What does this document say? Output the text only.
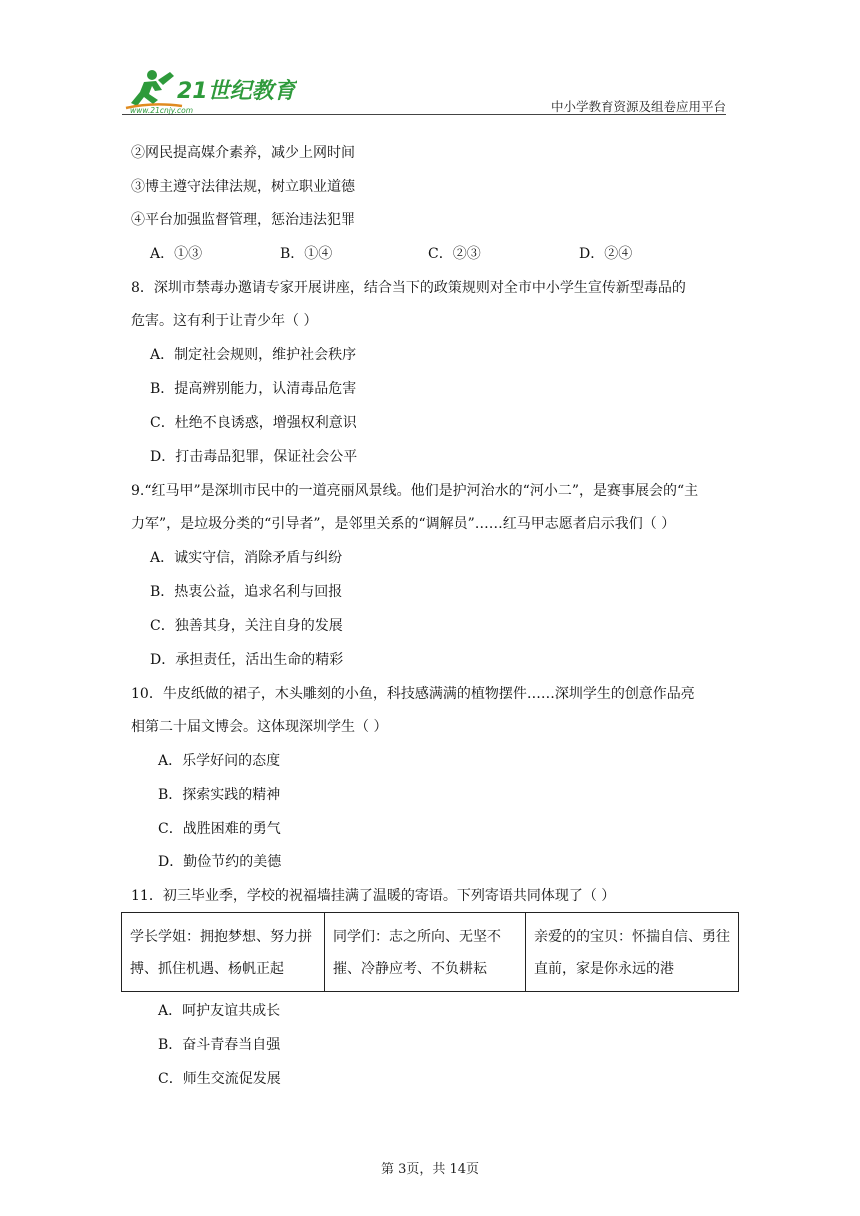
21世纪教育
www.21cnjy.com	中小学教育资源及组卷应用平台
②网民提高媒介素养，减少上网时间
③博主遵守法律法规，树立职业道德
④平台加强监督管理，惩治违法犯罪
A．①③	B．①④	C．②③	D．②④
8．深圳市禁毒办邀请专家开展讲座，结合当下的政策规则对全市中小学生宣传新型毒品的
危害。这有利于让青少年（ ）
A．制定社会规则，维护社会秩序
B．提高辨别能力，认清毒品危害
C．杜绝不良诱惑，增强权利意识
D．打击毒品犯罪，保证社会公平
9.“红马甲”是深圳市民中的一道亮丽风景线。他们是护河治水的“河小二”，是赛事展会的“主
力军”，是垃圾分类的“引导者”，是邻里关系的“调解员”……红马甲志愿者启示我们（ ）
A．诚实守信，消除矛盾与纠纷
B．热衷公益，追求名利与回报
C．独善其身，关注自身的发展
D．承担责任，活出生命的精彩
10．牛皮纸做的裙子，木头雕刻的小鱼，科技感满满的植物摆件……深圳学生的创意作品亮
相第二十届文博会。这体现深圳学生（ ）
A．乐学好问的态度
B．探索实践的精神
C．战胜困难的勇气
D．勤俭节约的美德
11．初三毕业季，学校的祝福墙挂满了温暖的寄语。下列寄语共同体现了（ ）
学长学姐：拥抱梦想、努力拼搏、抓住机遇、杨帆正起	同学们：志之所向、无坚不摧、冷静应考、不负耕耘	亲爱的的宝贝：怀揣自信、勇往直前，家是你永远的港
A．呵护友谊共成长
B．奋斗青春当自强
C．师生交流促发展
第 3页，共 14页
